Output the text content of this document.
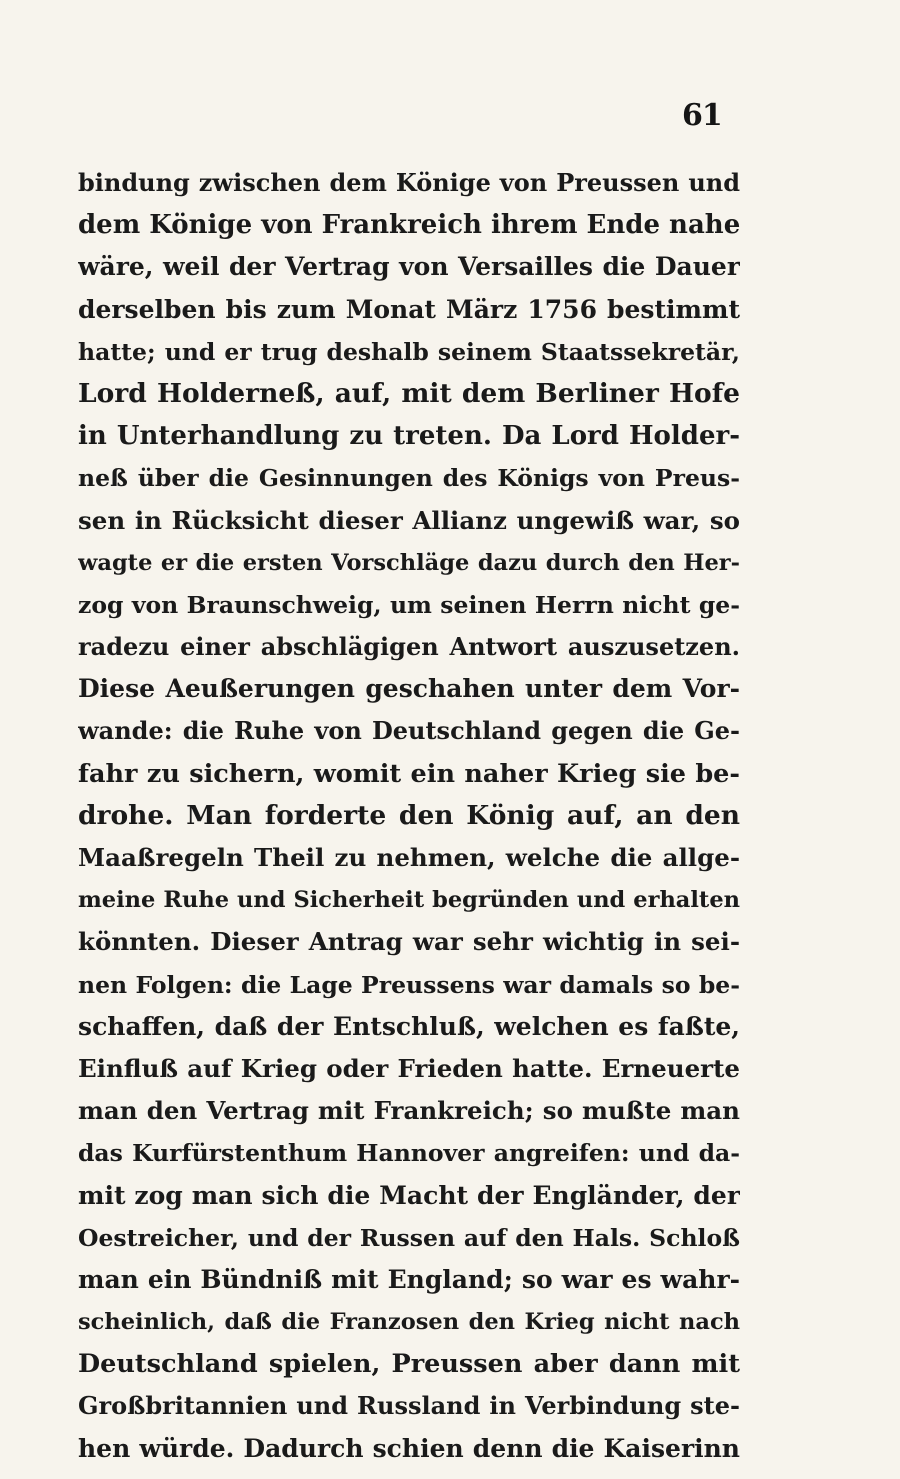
61
bindung zwischen dem Könige von Preussen und
dem Könige von Frankreich ihrem Ende nahe
wäre, weil der Vertrag von Versailles die Dauer
derselben bis zum Monat März 1756 bestimmt
hatte; und er trug deshalb seinem Staatssekretär,
Lord Holderneß, auf, mit dem Berliner Hofe
in Unterhandlung zu treten. Da Lord Holder-
neß über die Gesinnungen des Königs von Preus-
sen in Rücksicht dieser Allianz ungewiß war, so
wagte er die ersten Vorschläge dazu durch den Her-
zog von Braunschweig, um seinen Herrn nicht ge-
radezu einer abschlägigen Antwort auszusetzen.
Diese Aeußerungen geschahen unter dem Vor-
wande: die Ruhe von Deutschland gegen die Ge-
fahr zu sichern, womit ein naher Krieg sie be-
drohe. Man forderte den König auf, an den
Maaßregeln Theil zu nehmen, welche die allge-
meine Ruhe und Sicherheit begründen und erhalten
könnten. Dieser Antrag war sehr wichtig in sei-
nen Folgen: die Lage Preussens war damals so be-
schaffen, daß der Entschluß, welchen es faßte,
Einfluß auf Krieg oder Frieden hatte. Erneuerte
man den Vertrag mit Frankreich; so mußte man
das Kurfürstenthum Hannover angreifen: und da-
mit zog man sich die Macht der Engländer, der
Oestreicher, und der Russen auf den Hals. Schloß
man ein Bündniß mit England; so war es wahr-
scheinlich, daß die Franzosen den Krieg nicht nach
Deutschland spielen, Preussen aber dann mit
Großbritannien und Russland in Verbindung ste-
hen würde. Dadurch schien denn die Kaiserinn
